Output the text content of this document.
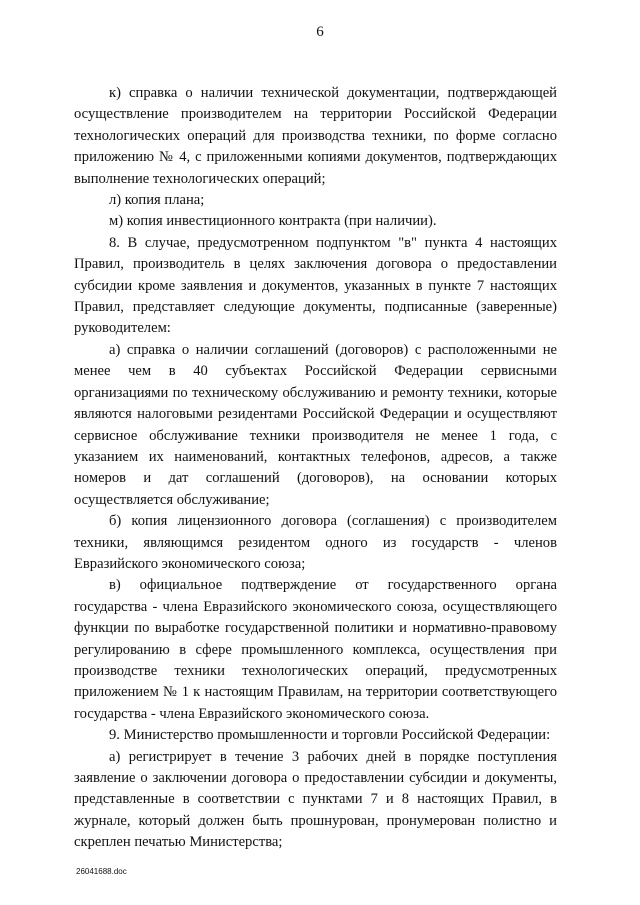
6

к) справка о наличии технической документации, подтверждающей осуществление производителем на территории Российской Федерации технологических операций для производства техники, по форме согласно приложению № 4, с приложенными копиями документов, подтверждающих выполнение технологических операций;

л) копия плана;

м) копия инвестиционного контракта (при наличии).

8. В случае, предусмотренном подпунктом "в" пункта 4 настоящих Правил, производитель в целях заключения договора о предоставлении субсидии кроме заявления и документов, указанных в пункте 7 настоящих Правил, представляет следующие документы, подписанные (заверенные) руководителем:

а) справка о наличии соглашений (договоров) с расположенными не менее чем в 40 субъектах Российской Федерации сервисными организациями по техническому обслуживанию и ремонту техники, которые являются налоговыми резидентами Российской Федерации и осуществляют сервисное обслуживание техники производителя не менее 1 года, с указанием их наименований, контактных телефонов, адресов, а также номеров и дат соглашений (договоров), на основании которых осуществляется обслуживание;

б) копия лицензионного договора (соглашения) с производителем техники, являющимся резидентом одного из государств - членов Евразийского экономического союза;

в) официальное подтверждение от государственного органа государства - члена Евразийского экономического союза, осуществляющего функции по выработке государственной политики и нормативно-правовому регулированию в сфере промышленного комплекса, осуществления при производстве техники технологических операций, предусмотренных приложением № 1 к настоящим Правилам, на территории соответствующего государства - члена Евразийского экономического союза.

9. Министерство промышленности и торговли Российской Федерации:

а) регистрирует в течение 3 рабочих дней в порядке поступления заявление о заключении договора о предоставлении субсидии и документы, представленные в соответствии с пунктами 7 и 8 настоящих Правил, в журнале, который должен быть прошнурован, пронумерован полистно и скреплен печатью Министерства;

26041688.doc
